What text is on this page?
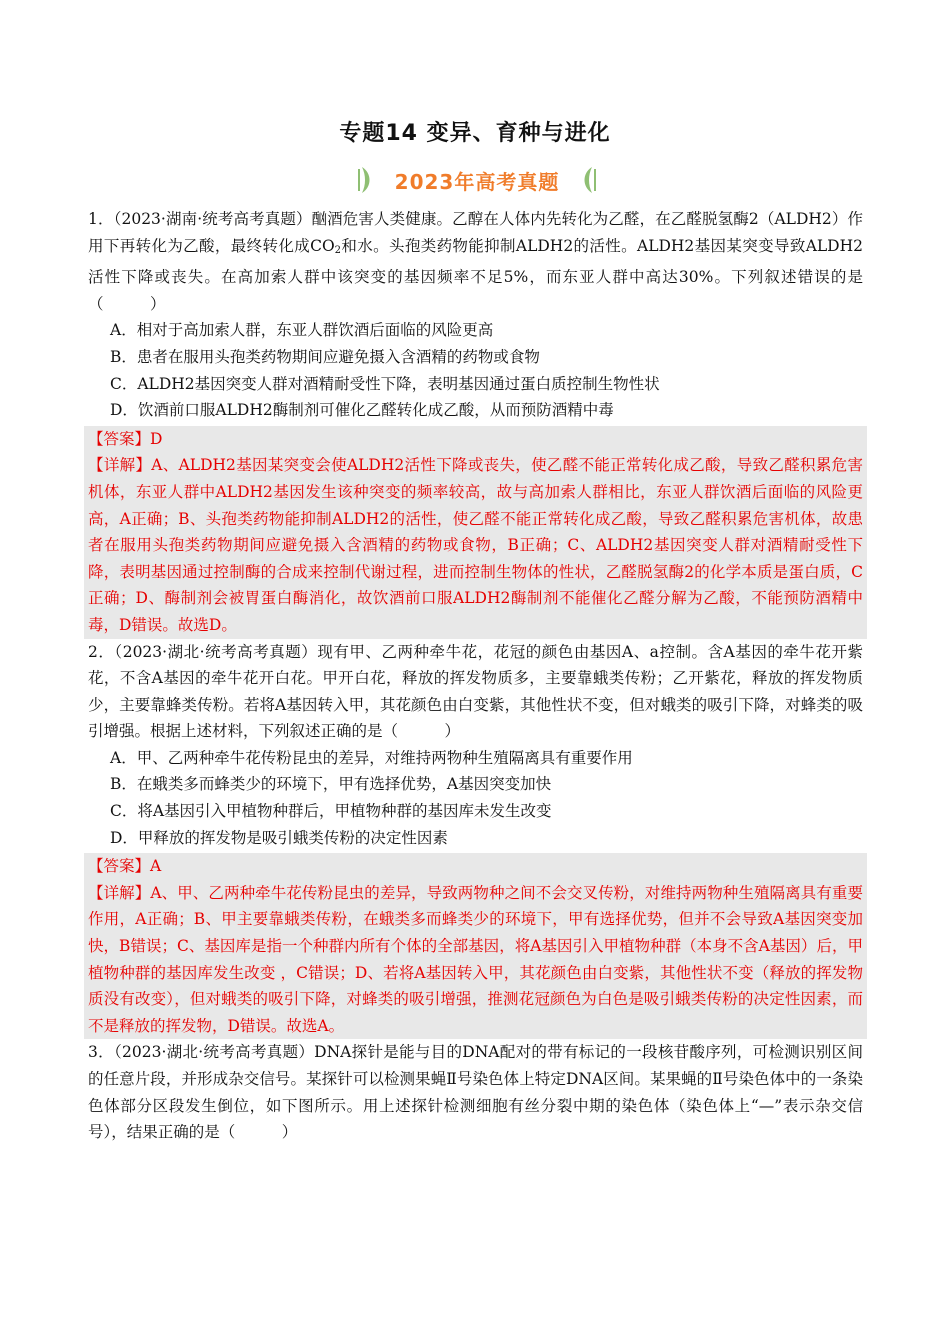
专题14 变异、育种与进化
2023年高考真题

1．（2023·湖南·统考高考真题）酗酒危害人类健康。乙醇在人体内先转化为乙醛，在乙醛脱氢酶2（ALDH2）作用下再转化为乙酸，最终转化成$CO_2$和水。头孢类药物能抑制ALDH2的活性。ALDH2基因某突变导致ALDH2活性下降或丧失。在高加索人群中该突变的基因频率不足5%，而东亚人群中高达30%。下列叙述错误的是（　　　）

A．相对于高加索人群，东亚人群饮酒后面临的风险更高

B．患者在服用头孢类药物期间应避免摄入含酒精的药物或食物

C．ALDH2基因突变人群对酒精耐受性下降，表明基因通过蛋白质控制生物性状

D．饮酒前口服ALDH2酶制剂可催化乙醛转化成乙酸，从而预防酒精中毒

【答案】D

【详解】A、ALDH2基因某突变会使ALDH2活性下降或丧失，使乙醛不能正常转化成乙酸，导致乙醛积累危害机体，东亚人群中ALDH2基因发生该种突变的频率较高，故与高加索人群相比，东亚人群饮酒后面临的风险更高，A正确；B、头孢类药物能抑制ALDH2的活性，使乙醛不能正常转化成乙酸，导致乙醛积累危害机体，故患者在服用头孢类药物期间应避免摄入含酒精的药物或食物，B正确；C、ALDH2基因突变人群对酒精耐受性下降，表明基因通过控制酶的合成来控制代谢过程，进而控制生物体的性状，乙醛脱氢酶2的化学本质是蛋白质，C正确；D、酶制剂会被胃蛋白酶消化，故饮酒前口服ALDH2酶制剂不能催化乙醛分解为乙酸，不能预防酒精中毒，D错误。故选D。

2．（2023·湖北·统考高考真题）现有甲、乙两种牵牛花，花冠的颜色由基因A、a控制。含A基因的牵牛花开紫花，不含A基因的牵牛花开白花。甲开白花，释放的挥发物质多，主要靠蛾类传粉；乙开紫花，释放的挥发物质少，主要靠蜂类传粉。若将A基因转入甲，其花颜色由白变紫，其他性状不变，但对蛾类的吸引下降，对蜂类的吸引增强。根据上述材料，下列叙述正确的是（　　　）

A．甲、乙两种牵牛花传粉昆虫的差异，对维持两物种生殖隔离具有重要作用

B．在蛾类多而蜂类少的环境下，甲有选择优势，A基因突变加快

C．将A基因引入甲植物种群后，甲植物种群的基因库未发生改变

D．甲释放的挥发物是吸引蛾类传粉的决定性因素

【答案】A

【详解】A、甲、乙两种牵牛花传粉昆虫的差异，导致两物种之间不会交叉传粉，对维持两物种生殖隔离具有重要作用，A正确；B、甲主要靠蛾类传粉，在蛾类多而蜂类少的环境下，甲有选择优势，但并不会导致A基因突变加快，B错误；C、基因库是指一个种群内所有个体的全部基因，将A基因引入甲植物种群（本身不含A基因）后，甲植物种群的基因库发生改变 ，C错误；D、若将A基因转入甲，其花颜色由白变紫，其他性状不变（释放的挥发物质没有改变），但对蛾类的吸引下降，对蜂类的吸引增强，推测花冠颜色为白色是吸引蛾类传粉的决定性因素，而不是释放的挥发物，D错误。故选A。

3．（2023·湖北·统考高考真题）DNA探针是能与目的DNA配对的带有标记的一段核苷酸序列，可检测识别区间的任意片段，并形成杂交信号。某探针可以检测果蝇Ⅱ号染色体上特定DNA区间。某果蝇的Ⅱ号染色体中的一条染色体部分区段发生倒位，如下图所示。用上述探针检测细胞有丝分裂中期的染色体（染色体上“—”表示杂交信号），结果正确的是（　　　）
